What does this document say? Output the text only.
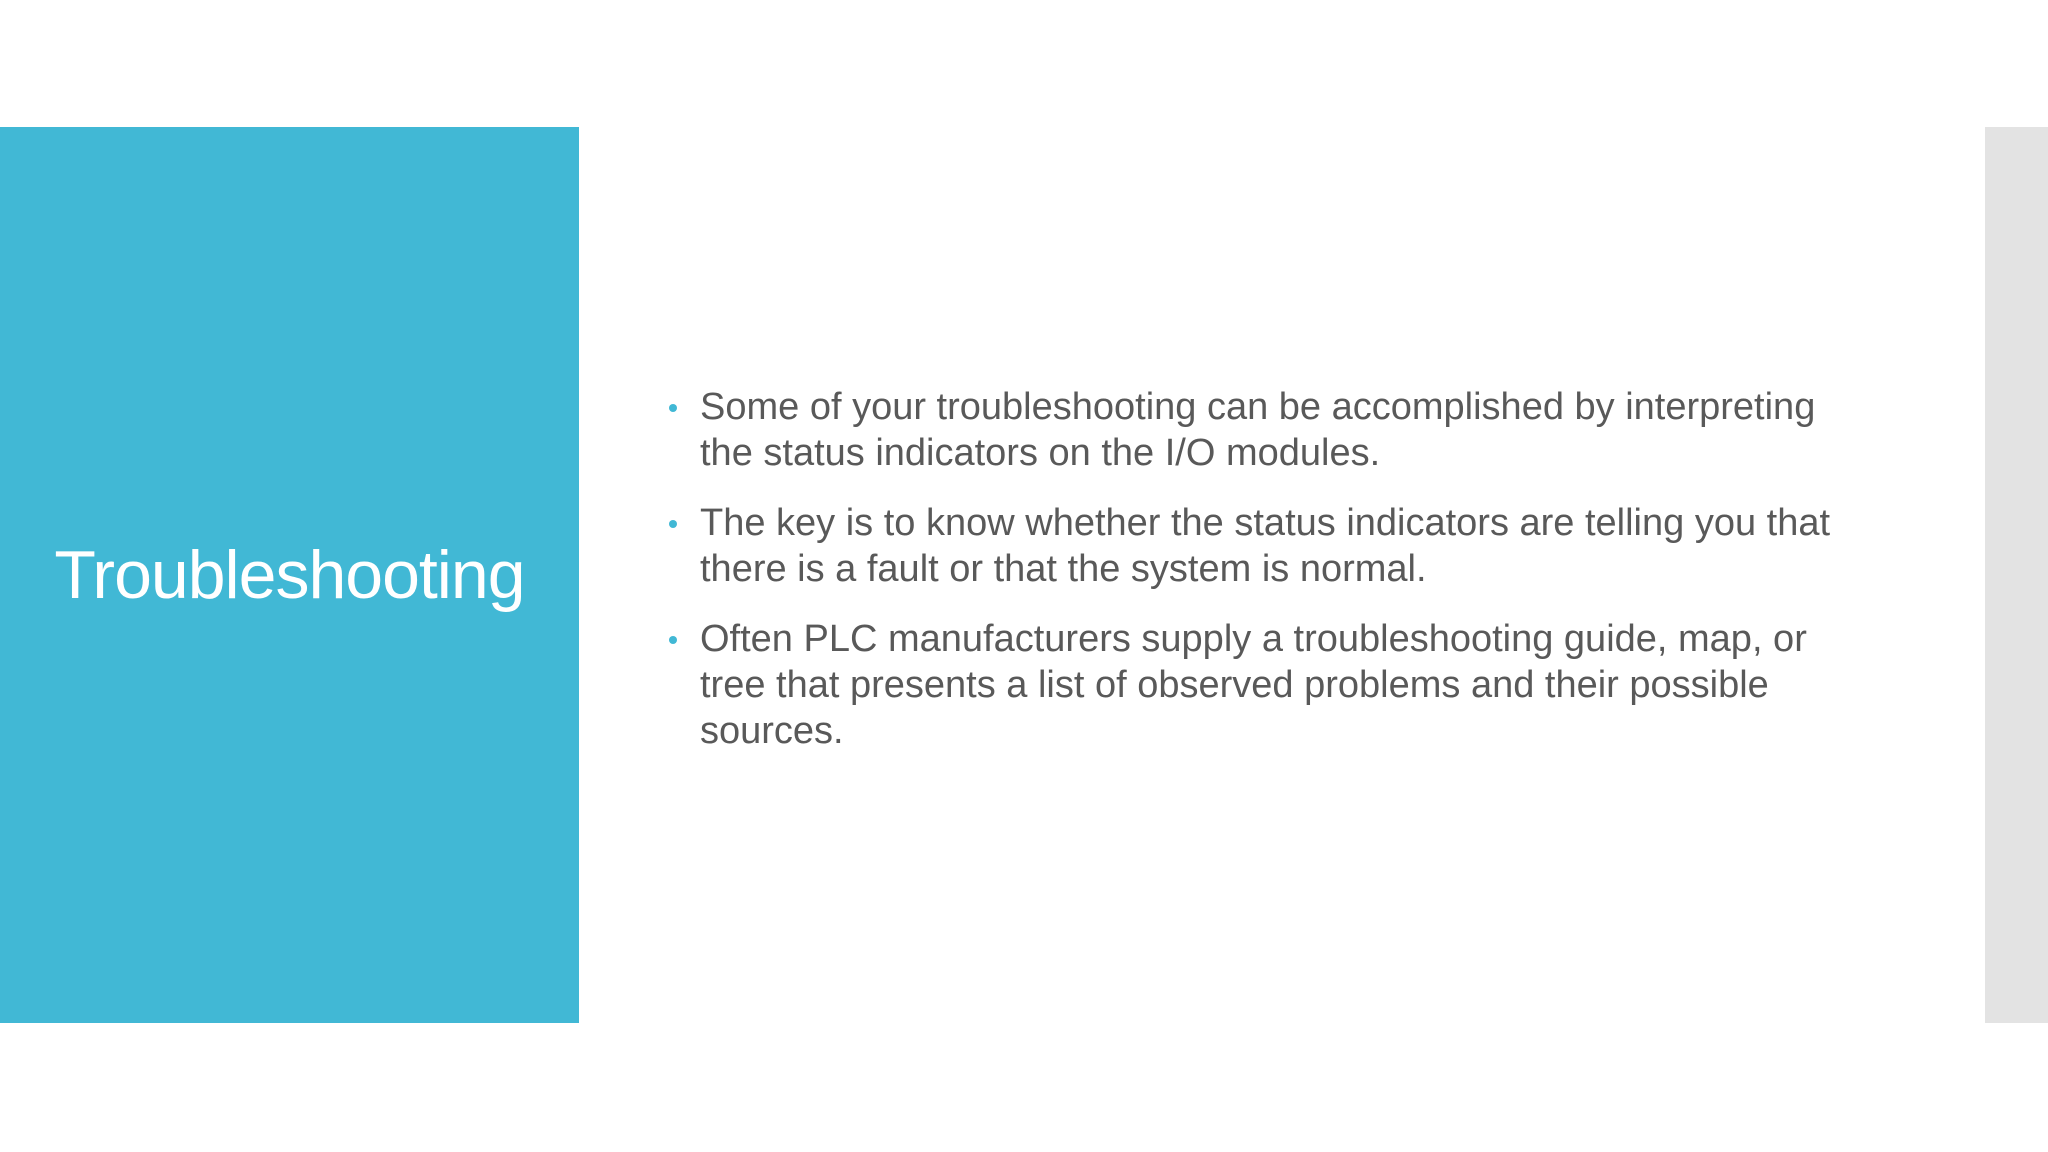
Troubleshooting
Some of your troubleshooting can be accomplished by interpreting the status indicators on the I/O modules.
The key is to know whether the status indicators are telling you that there is a fault or that the system is normal.
Often PLC manufacturers supply a troubleshooting guide, map, or tree that presents a list of observed problems and their possible sources.
